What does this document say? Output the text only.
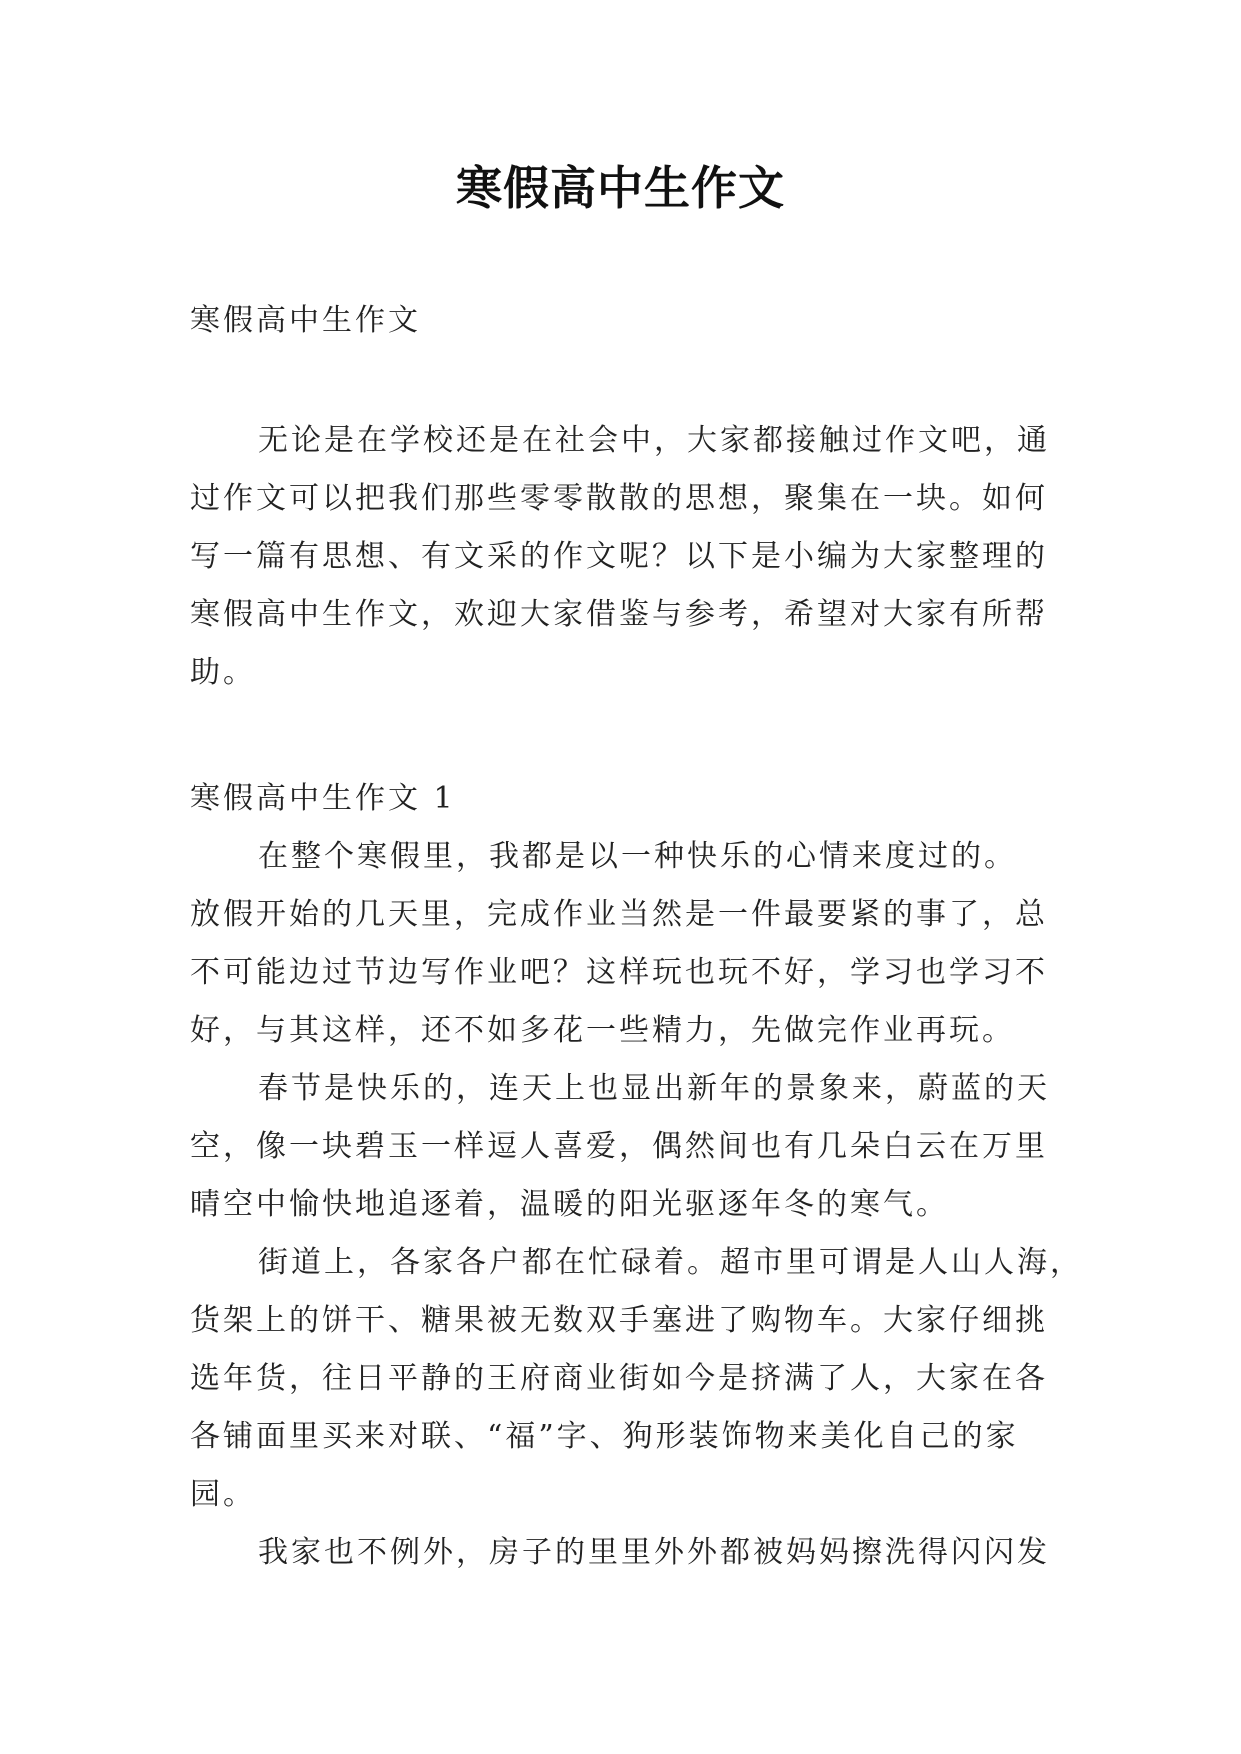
寒假高中生作文

寒假高中生作文

无论是在学校还是在社会中，大家都接触过作文吧，通

过作文可以把我们那些零零散散的思想，聚集在一块。如何

写一篇有思想、有文采的作文呢？以下是小编为大家整理的

寒假高中生作文，欢迎大家借鉴与参考，希望对大家有所帮

助。

寒假高中生作文 1

在整个寒假里，我都是以一种快乐的心情来度过的。

放假开始的几天里，完成作业当然是一件最要紧的事了，总

不可能边过节边写作业吧？这样玩也玩不好，学习也学习不

好，与其这样，还不如多花一些精力，先做完作业再玩。

春节是快乐的，连天上也显出新年的景象来，蔚蓝的天

空，像一块碧玉一样逗人喜爱，偶然间也有几朵白云在万里

晴空中愉快地追逐着，温暖的阳光驱逐年冬的寒气。

街道上，各家各户都在忙碌着。超市里可谓是人山人海，

货架上的饼干、糖果被无数双手塞进了购物车。大家仔细挑

选年货，往日平静的王府商业街如今是挤满了人，大家在各

各铺面里买来对联、“福”字、狗形装饰物来美化自己的家

园。

我家也不例外，房子的里里外外都被妈妈擦洗得闪闪发
